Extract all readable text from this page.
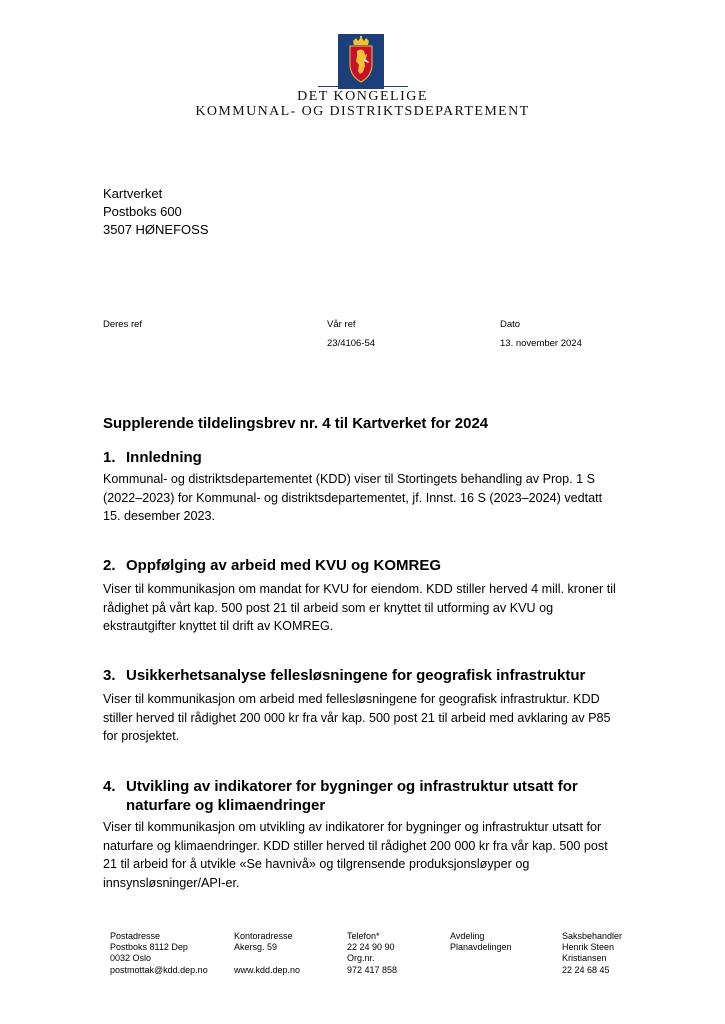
DET KONGELIGE
KOMMUNAL- OG DISTRIKTSDEPARTEMENT
Kartverket
Postboks 600
3507 HØNEFOSS
Deres ref	Vår ref
23/4106-54
Dato
13. november 2024
Supplerende tildelingsbrev nr. 4 til Kartverket for 2024
1. Innledning
Kommunal- og distriktsdepartementet (KDD) viser til Stortingets behandling av Prop. 1 S
(2022–2023) for Kommunal- og distriktsdepartementet, jf. Innst. 16 S (2023–2024) vedtatt
15. desember 2023.
2. Oppfølging av arbeid med KVU og KOMREG
Viser til kommunikasjon om mandat for KVU for eiendom. KDD stiller herved 4 mill. kroner til
rådighet på vårt kap. 500 post 21 til arbeid som er knyttet til utforming av KVU og
ekstrautgifter knyttet til drift av KOMREG.
3. Usikkerhetsanalyse fellesløsningene for geografisk infrastruktur
Viser til kommunikasjon om arbeid med fellesløsningene for geografisk infrastruktur. KDD
stiller herved til rådighet 200 000 kr fra vår kap. 500 post 21 til arbeid med avklaring av P85
for prosjektet.
4. Utvikling av indikatorer for bygninger og infrastruktur utsatt for
naturfare og klimaendringer
Viser til kommunikasjon om utvikling av indikatorer for bygninger og infrastruktur utsatt for
naturfare og klimaendringer. KDD stiller herved til rådighet 200 000 kr fra vår kap. 500 post
21 til arbeid for å utvikle «Se havnivå» og tilgrensende produksjonsløyper og
innsynsløsninger/API-er.
Postadresse
Postboks 8112 Dep
0032 Oslo
postmottak@kdd.dep.no
Kontoradresse
Akersg. 59
www.kdd.dep.no
Telefon*
22 24 90 90
Org.nr.
972 417 858
Avdeling
Planavdelingen
Saksbehandler
Henrik Steen
Kristiansen
22 24 68 45
